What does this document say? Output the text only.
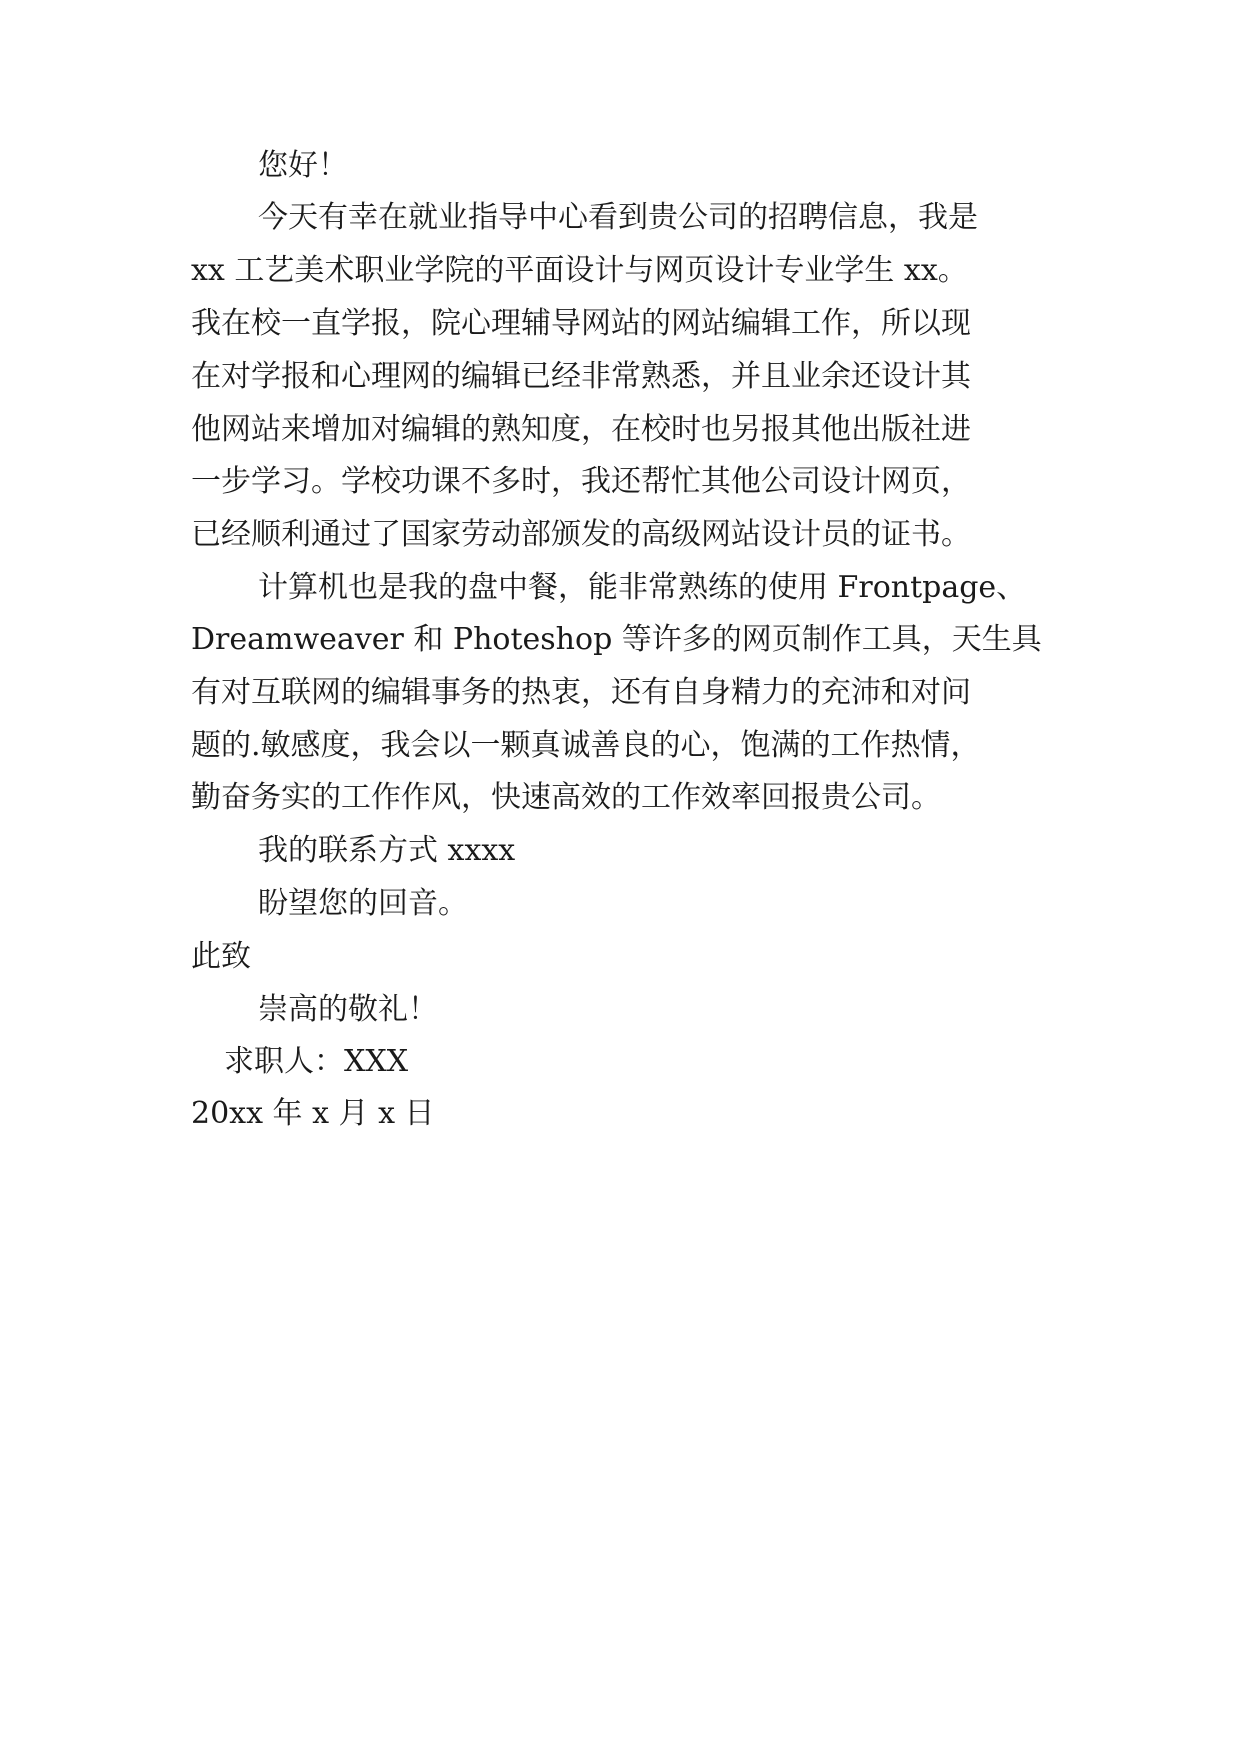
您好！

今天有幸在就业指导中心看到贵公司的招聘信息，我是

xx 工艺美术职业学院的平面设计与网页设计专业学生 xx。

我在校一直学报，院心理辅导网站的网站编辑工作，所以现

在对学报和心理网的编辑已经非常熟悉，并且业余还设计其

他网站来增加对编辑的熟知度，在校时也另报其他出版社进

一步学习。学校功课不多时，我还帮忙其他公司设计网页，

已经顺利通过了国家劳动部颁发的高级网站设计员的证书。

计算机也是我的盘中餐，能非常熟练的使用 Frontpage、

Dreamweaver 和 Photeshop 等许多的网页制作工具，天生具

有对互联网的编辑事务的热衷，还有自身精力的充沛和对问

题的.敏感度，我会以一颗真诚善良的心，饱满的工作热情，

勤奋务实的工作作风，快速高效的工作效率回报贵公司。

我的联系方式 xxxx

盼望您的回音。

此致

崇高的敬礼！

求职人：XXX

20xx 年 x 月 x 日
